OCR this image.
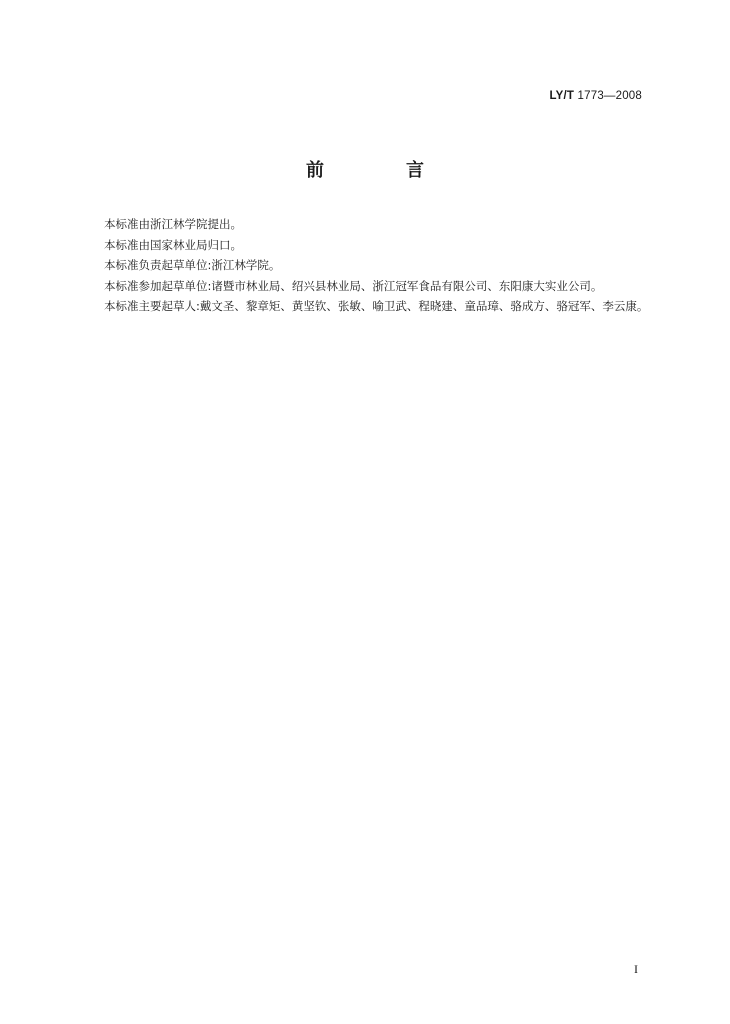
LY/T 1773—2008
前　言

本标准由浙江林学院提出。

本标准由国家林业局归口。

本标准负责起草单位:浙江林学院。

本标准参加起草单位:诸暨市林业局、绍兴县林业局、浙江冠军食品有限公司、东阳康大实业公司。

本标准主要起草人:戴文圣、黎章矩、黄坚钦、张敏、喻卫武、程晓建、童品璋、骆成方、骆冠军、李云康。

I
